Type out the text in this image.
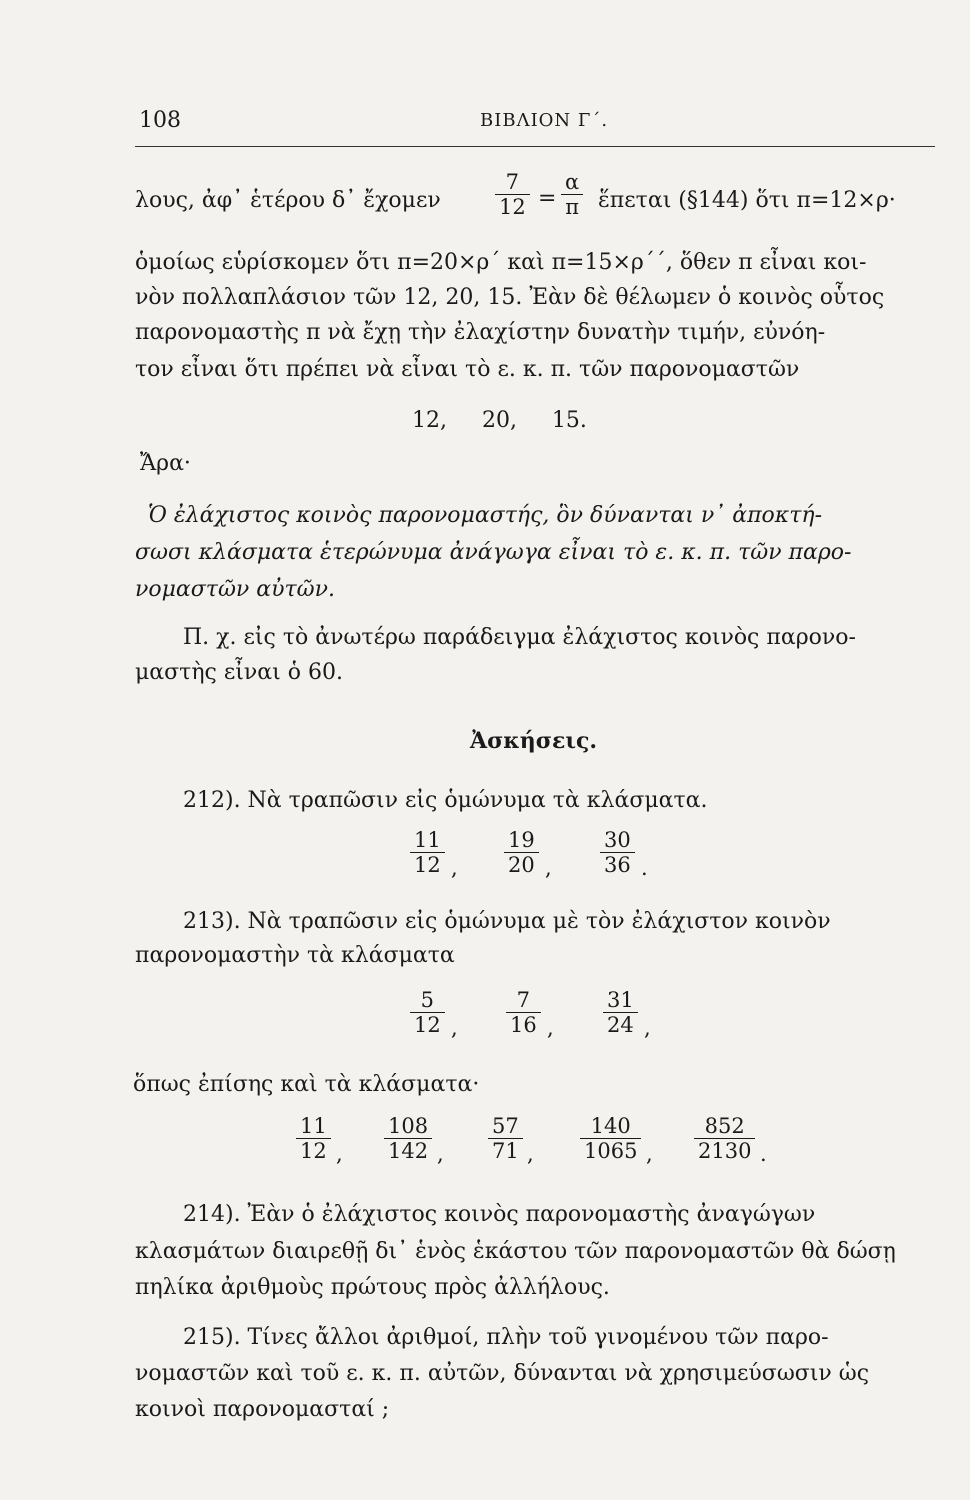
108	ΒΙΒΛΙΟΝ Γ΄.
λους, ἀφ᾽ ἑτέρου δ᾽ ἔχομεν	$\frac{7}{12} = \frac{\alpha}{\pi}$ ἕπεται (§144) ὅτι π=12×ρ·
ὁμοίως εὑρίσκομεν ὅτι π=20×ρ΄ καὶ π=15×ρ΄΄, ὅθεν π εἶναι κοι-
νὸν πολλαπλάσιον τῶν 12, 20, 15. Ἐὰν δὲ θέλωμεν ὁ κοινὸς οὗτος
παρονομαστὴς π νὰ ἔχῃ τὴν ἐλαχίστην δυνατὴν τιμήν, εὐνόη-
τον εἶναι ὅτι πρέπει νὰ εἶναι τὸ ε. κ. π. τῶν παρονομαστῶν
12,     20,     15.
Ἄρα·
Ὁ ἐλάχιστος κοινὸς παρονομαστής, ὃν δύνανται ν᾽ ἀποκτή-
σωσι κλάσματα ἑτερώνυμα ἀνάγωγα εἶναι τὸ ε. κ. π. τῶν παρο-
νομαστῶν αὐτῶν.
Π. χ. εἰς τὸ ἀνωτέρω παράδειγμα ἐλάχιστος κοινὸς παρονο-
μαστὴς εἶναι ὁ 60.
Ἀσκήσεις.
212). Νὰ τραπῶσιν εἰς ὁμώνυμα τὰ κλάσματα.
$\frac{11}{12}$ , $\frac{19}{20}$ , $\frac{30}{36}$ .
213). Νὰ τραπῶσιν εἰς ὁμώνυμα μὲ τὸν ἐλάχιστον κοινὸν
παρονομαστὴν τὰ κλάσματα
$\frac{5}{12}$ , $\frac{7}{16}$ , $\frac{31}{24}$ ,
ὅπως ἐπίσης καὶ τὰ κλάσματα·
$\frac{11}{12}$ , $\frac{108}{142}$ , $\frac{57}{71}$ , $\frac{140}{1065}$ , $\frac{852}{2130}$ .
214). Ἐὰν ὁ ἐλάχιστος κοινὸς παρονομαστὴς ἀναγώγων
κλασμάτων διαιρεθῇ δι᾽ ἑνὸς ἑκάστου τῶν παρονομαστῶν θὰ δώσῃ
πηλίκα ἀριθμοὺς πρώτους πρὸς ἀλλήλους.
215). Τίνες ἄλλοι ἀριθμοί, πλὴν τοῦ γινομένου τῶν παρο-
νομαστῶν καὶ τοῦ ε. κ. π. αὐτῶν, δύνανται νὰ χρησιμεύσωσιν ὡς
κοινοὶ παρονομασταί ;
